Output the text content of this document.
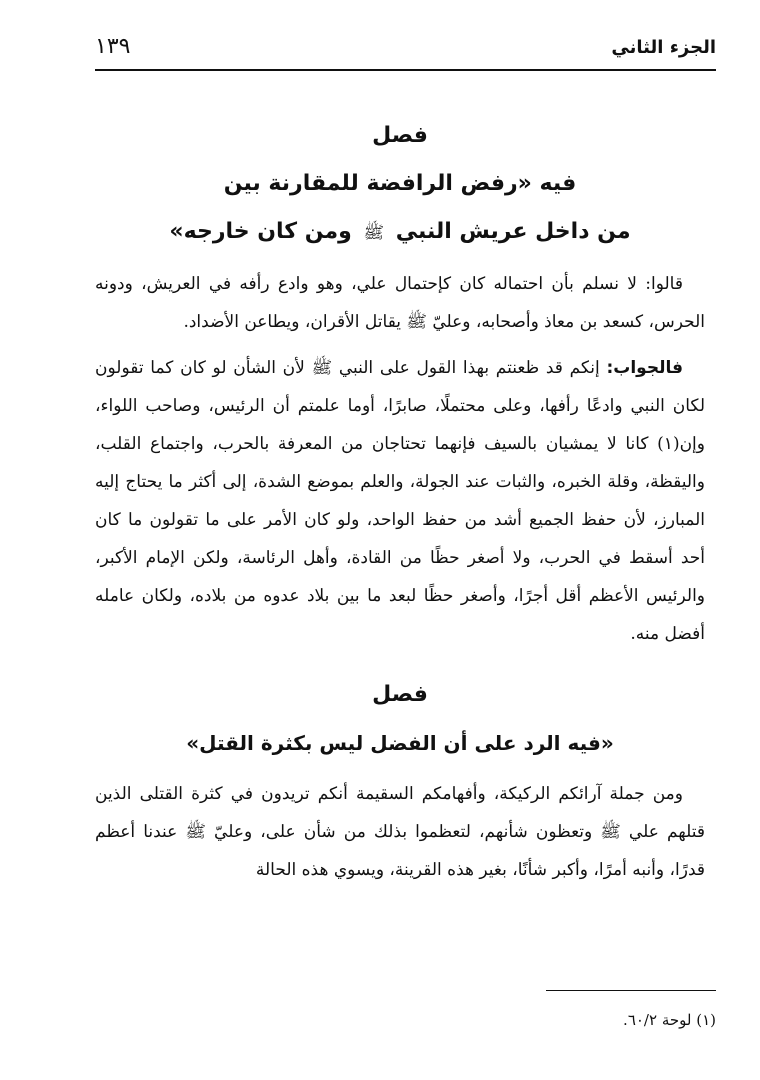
الجزء الثاني
١٣٩

فصل

فيه «رفض الرافضة للمقارنة بين

من داخل عريش النبي ﷺ ومن كان خارجه»

قالوا: لا نسلم بأن احتماله كان كإحتمال علي، وهو وادع رأفه في العريش، ودونه الحرس، كسعد بن معاذ وأصحابه، وعليّ ﷺ يقاتل الأقران، ويطاعن الأضداد.

فالجواب: إنكم قد ظعنتم بهذا القول على النبي ﷺ لأن الشأن لو كان كما تقولون لكان النبي وادعًا رأفها، وعلى محتملًا، صابرًا، أوما علمتم أن الرئيس، وصاحب اللواء، وإن(١) كانا لا يمشيان بالسيف فإنهما تحتاجان من المعرفة بالحرب، واجتماع القلب، واليقظة، وقلة الخبره، والثبات عند الجولة، والعلم بموضع الشدة، إلى أكثر ما يحتاج إليه المبارز، لأن حفظ الجميع أشد من حفظ الواحد، ولو كان الأمر على ما تقولون ما كان أحد أسقط في الحرب، ولا أصغر حظًا من القادة، وأهل الرئاسة، ولكن الإمام الأكبر، والرئيس الأعظم أقل أجرًا، وأصغر حظًا لبعد ما بين بلاد عدوه من بلاده، ولكان عامله أفضل منه.

فصل

«فيه الرد على أن الفضل ليس بكثرة القتل»

ومن جملة آرائكم الركيكة، وأفهامكم السقيمة أنكم تريدون في كثرة القتلى الذين قتلهم علي ﷺ وتعظون شأنهم، لتعظموا بذلك من شأن على، وعليّ ﷺ عندنا أعظم قدرًا، وأنبه أمرًا، وأكبر شأنًا، بغير هذه القرينة، ويسوي هذه الحالة

(١) لوحة ٦٠/٢.
